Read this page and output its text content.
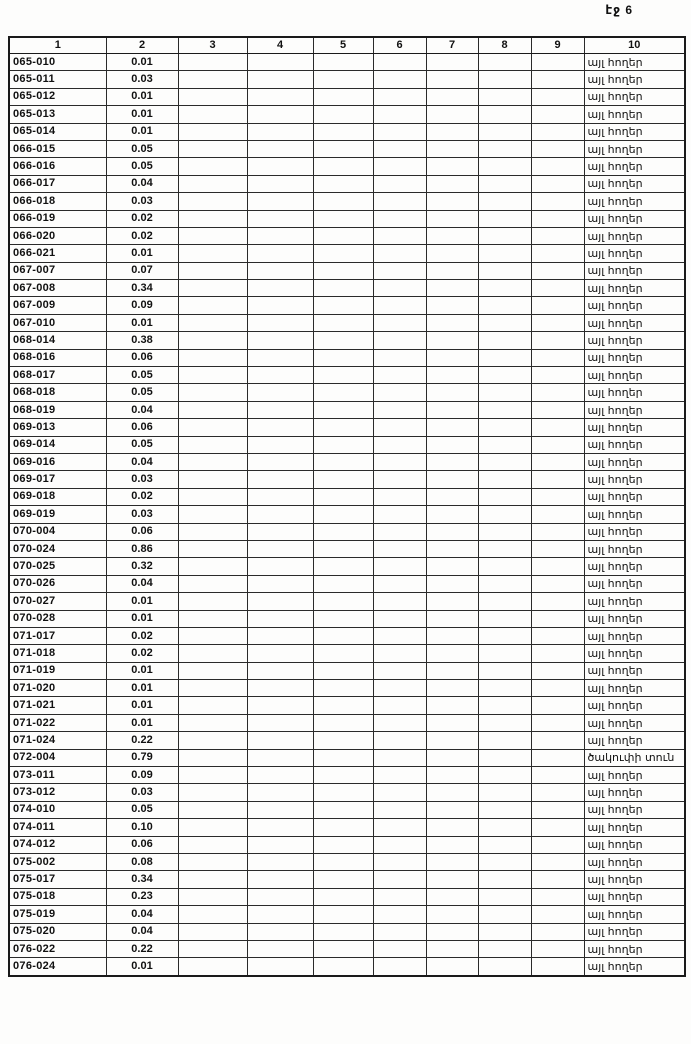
էջ 6
1	2	3	4	5	6	7	8	9	10
065-010	0.01								այլ հողեր
065-011	0.03								այլ հողեր
065-012	0.01								այլ հողեր
065-013	0.01								այլ հողեր
065-014	0.01								այլ հողեր
066-015	0.05								այլ հողեր
066-016	0.05								այլ հողեր
066-017	0.04								այլ հողեր
066-018	0.03								այլ հողեր
066-019	0.02								այլ հողեր
066-020	0.02								այլ հողեր
066-021	0.01								այլ հողեր
067-007	0.07								այլ հողեր
067-008	0.34								այլ հողեր
067-009	0.09								այլ հողեր
067-010	0.01								այլ հողեր
068-014	0.38								այլ հողեր
068-016	0.06								այլ հողեր
068-017	0.05								այլ հողեր
068-018	0.05								այլ հողեր
068-019	0.04								այլ հողեր
069-013	0.06								այլ հողեր
069-014	0.05								այլ հողեր
069-016	0.04								այլ հողեր
069-017	0.03								այլ հողեր
069-018	0.02								այլ հողեր
069-019	0.03								այլ հողեր
070-004	0.06								այլ հողեր
070-024	0.86								այլ հողեր
070-025	0.32								այլ հողեր
070-026	0.04								այլ հողեր
070-027	0.01								այլ հողեր
070-028	0.01								այլ հողեր
071-017	0.02								այլ հողեր
071-018	0.02								այլ հողեր
071-019	0.01								այլ հողեր
071-020	0.01								այլ հողեր
071-021	0.01								այլ հողեր
071-022	0.01								այլ հողեր
071-024	0.22								այլ հողեր
072-004	0.79								ծակուփի տուն
073-011	0.09								այլ հողեր
073-012	0.03								այլ հողեր
074-010	0.05								այլ հողեր
074-011	0.10								այլ հողեր
074-012	0.06								այլ հողեր
075-002	0.08								այլ հողեր
075-017	0.34								այլ հողեր
075-018	0.23								այլ հողեր
075-019	0.04								այլ հողեր
075-020	0.04								այլ հողեր
076-022	0.22								այլ հողեր
076-024	0.01								այլ հողեր
